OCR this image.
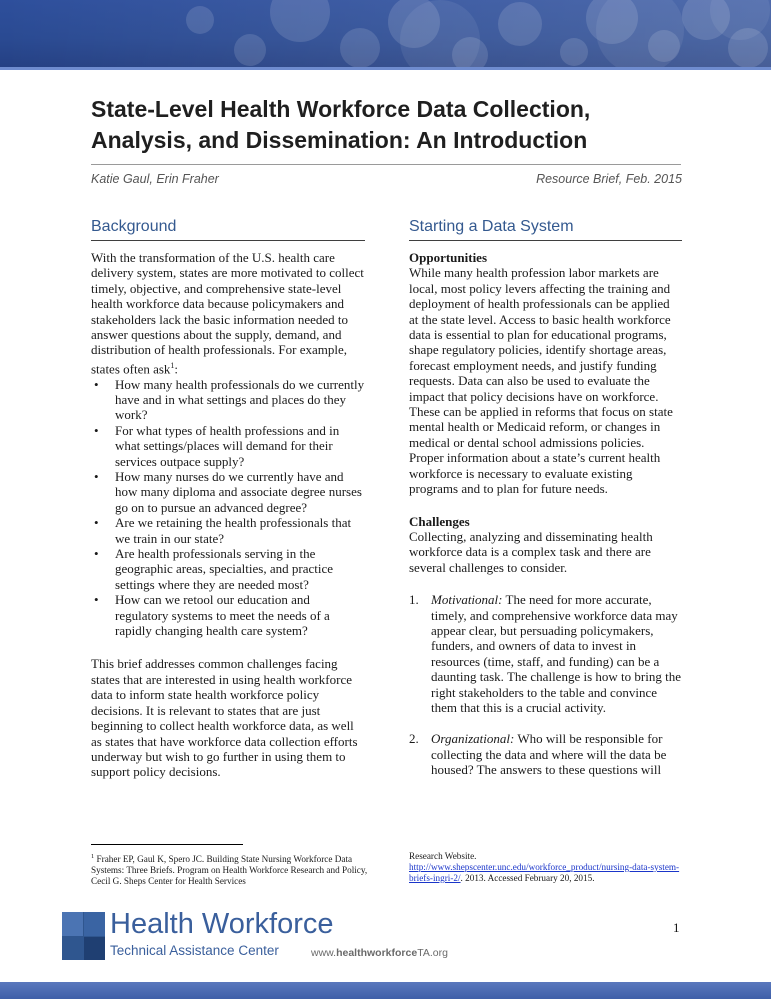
State-Level Health Workforce Data Collection,
Analysis, and Dissemination: An Introduction
Katie Gaul, Erin Fraher	Resource Brief, Feb. 2015
Background	Starting a Data System

With the transformation of the U.S. health care delivery system, states are more motivated to collect timely, objective, and comprehensive state-level health workforce data because policymakers and stakeholders lack the basic information needed to answer questions about the supply, demand, and distribution of health professionals. For example, states often ask$^1$:

• How many health professionals do we currently have and in what settings and places do they work?
• For what types of health professions and in what settings/places will demand for their services outpace supply?
• How many nurses do we currently have and how many diploma and associate degree nurses go on to pursue an advanced degree?
• Are we retaining the health professionals that we train in our state?
• Are health professionals serving in the geographic areas, specialties, and practice settings where they are needed most?
• How can we retool our education and regulatory systems to meet the needs of a rapidly changing health care system?

This brief addresses common challenges facing states that are interested in using health workforce data to inform state health workforce policy decisions. It is relevant to states that are just beginning to collect health workforce data, as well as states that have workforce data collection efforts underway but wish to go further in using them to support policy decisions.

Opportunities

While many health profession labor markets are local, most policy levers affecting the training and deployment of health professionals can be applied at the state level. Access to basic health workforce data is essential to plan for educational programs, shape regulatory policies, identify shortage areas, forecast employment needs, and justify funding requests. Data can also be used to evaluate the impact that policy decisions have on workforce. These can be applied in reforms that focus on state mental health or Medicaid reform, or changes in medical or dental school admissions policies. Proper information about a state’s current health workforce is necessary to evaluate existing programs and to plan for future needs.

Challenges

Collecting, analyzing and disseminating health workforce data is a complex task and there are several challenges to consider.

1. Motivational: The need for more accurate, timely, and comprehensive workforce data may appear clear, but persuading policymakers, funders, and owners of data to invest in resources (time, staff, and funding) can be a daunting task. The challenge is how to bring the right stakeholders to the table and convince them that this is a crucial activity.
2. Organizational: Who will be responsible for collecting the data and where will the data be housed? The answers to these questions will
$^1$ Fraher EP, Gaul K, Spero JC. Building State Nursing Workforce Data Systems: Three Briefs. Program on Health Workforce Research and Policy, Cecil G. Sheps Center for Health Services
Research Website. http://www.shepscenter.unc.edu/workforce_product/nursing-data-system-briefs-ingri-2/. 2013. Accessed February 20, 2015.
Health Workforce
Technical Assistance Center	www.healthworkforceTA.org
1
